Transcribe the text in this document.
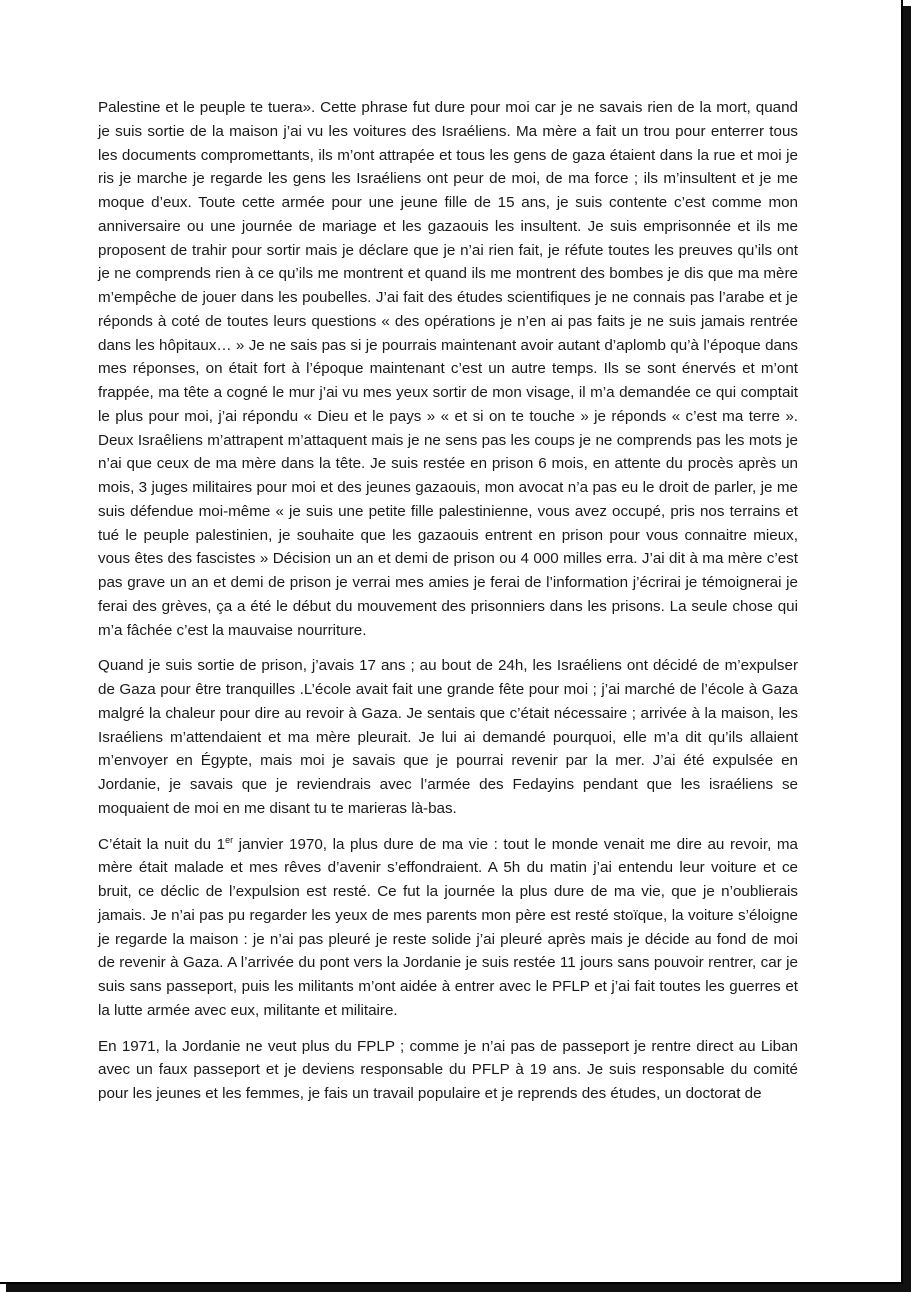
Palestine et le peuple te tuera». Cette phrase fut dure pour moi car je ne savais rien de la mort, quand je suis sortie de la maison j’ai vu les voitures des Israéliens. Ma mère a fait un trou pour enterrer tous les documents compromettants, ils m’ont attrapée et tous les gens de gaza étaient dans la rue et moi je ris je marche je regarde les gens les Israéliens ont peur de moi, de ma force ; ils m’insultent et je me moque d’eux. Toute cette armée pour une jeune fille de 15 ans, je suis contente c’est comme mon anniversaire ou une journée de mariage et les gazaouis les insultent. Je suis emprisonnée et ils me proposent de trahir pour sortir mais je déclare que je n’ai rien fait, je réfute toutes les preuves qu’ils ont je ne comprends rien à ce qu’ils me montrent et quand ils me montrent des bombes je dis que ma mère m’empêche de jouer dans les poubelles. J’ai fait des études scientifiques je ne connais pas l’arabe et je réponds à coté de toutes leurs questions « des opérations je n’en ai pas faits je ne suis jamais rentrée dans les hôpitaux… » Je ne sais pas si je pourrais maintenant avoir autant d’aplomb qu’à l’époque dans mes réponses, on était fort à l’époque maintenant c’est un autre temps. Ils se sont énervés et m’ont frappée, ma tête a cogné le mur j’ai vu mes yeux sortir de mon visage, il m’a demandée ce qui comptait le plus pour moi, j’ai répondu « Dieu et le pays » « et si on te touche » je réponds « c’est ma terre ». Deux Israêliens m’attrapent m’attaquent mais je ne sens pas les coups je ne comprends pas les mots je n’ai que ceux de ma mère dans la tête. Je suis restée en prison 6 mois, en attente du procès après un mois, 3 juges militaires pour moi et des jeunes gazaouis, mon avocat n’a pas eu le droit de parler, je me suis défendue moi-même « je suis une petite fille palestinienne, vous avez occupé, pris nos terrains et tué le peuple palestinien, je souhaite que les gazaouis entrent en prison pour vous connaitre mieux, vous êtes des fascistes » Décision un an et demi de prison ou 4 000 milles erra. J’ai dit à ma mère c’est pas grave un an et demi de prison je verrai mes amies je ferai de l’information j’écrirai je témoignerai je ferai des grèves, ça a été le début du mouvement des prisonniers dans les prisons. La seule chose qui m’a fâchée c’est la mauvaise nourriture.

Quand je suis sortie de prison, j’avais 17 ans ; au bout de 24h, les Israéliens ont décidé de m’expulser de Gaza pour être tranquilles .L’école avait fait une grande fête pour moi ; j’ai marché de l’école à Gaza malgré la chaleur pour dire au revoir à Gaza. Je sentais que c’était nécessaire ; arrivée à la maison, les Israéliens m’attendaient et ma mère pleurait. Je lui ai demandé pourquoi, elle m’a dit qu’ils allaient m’envoyer en Égypte, mais moi je savais que je pourrai revenir par la mer. J’ai été expulsée en Jordanie, je savais que je reviendrais avec l’armée des Fedayins pendant que les israéliens se moquaient de moi en me disant tu te marieras là-bas.

C’était la nuit du 1er janvier 1970, la plus dure de ma vie : tout le monde venait me dire au revoir, ma mère était malade et mes rêves d’avenir s’effondraient. A 5h du matin j’ai entendu leur voiture et ce bruit, ce déclic de l’expulsion est resté. Ce fut la journée la plus dure de ma vie, que je n’oublierais jamais. Je n’ai pas pu regarder les yeux de mes parents mon père est resté stoïque, la voiture s’éloigne je regarde la maison : je n’ai pas pleuré je reste solide j’ai pleuré après mais je décide au fond de moi de revenir à Gaza. A l’arrivée du pont vers la Jordanie je suis restée 11 jours sans pouvoir rentrer, car je suis sans passeport, puis les militants m’ont aidée à entrer avec le PFLP et j’ai fait toutes les guerres et la lutte armée avec eux, militante et militaire.

En 1971, la Jordanie ne veut plus du FPLP ; comme je n’ai pas de passeport je rentre direct au Liban avec un faux passeport et je deviens responsable du PFLP à 19 ans. Je suis responsable du comité pour les jeunes et les femmes, je fais un travail populaire et je reprends des études, un doctorat de
